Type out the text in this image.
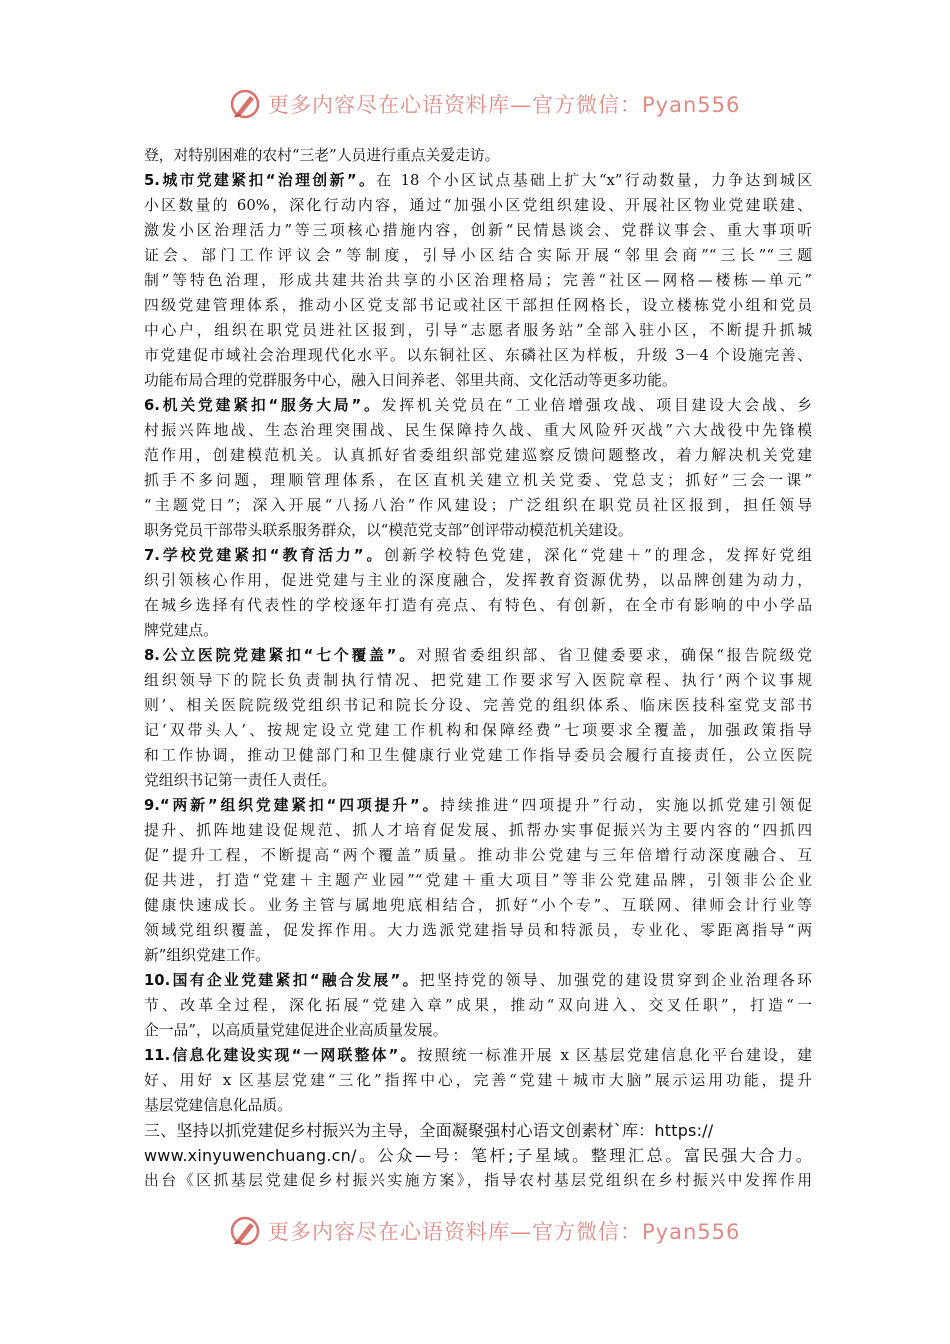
更多内容尽在心语资料库—官方微信：Pyan556
登，对特别困难的农村“三老”人员进行重点关爱走访。
5.城市党建紧扣“治理创新”。在 18 个小区试点基础上扩大“x”行动数量，力争达到城区
小区数量的 60%，深化行动内容，通过“加强小区党组织建设、开展社区物业党建联建、
激发小区治理活力”等三项核心措施内容，创新“民情恳谈会、党群议事会、重大事项听
证会、部门工作评议会”等制度，引导小区结合实际开展“邻里会商”“三长”“三题
制”等特色治理，形成共建共治共享的小区治理格局；完善“社区—网格—楼栋—单元”
四级党建管理体系，推动小区党支部书记或社区干部担任网格长，设立楼栋党小组和党员
中心户，组织在职党员进社区报到，引导“志愿者服务站”全部入驻小区，不断提升抓城
市党建促市域社会治理现代化水平。以东铜社区、东磷社区为样板，升级 3－4 个设施完善、
功能布局合理的党群服务中心，融入日间养老、邻里共商、文化活动等更多功能。
6.机关党建紧扣“服务大局”。发挥机关党员在“工业倍增强攻战、项目建设大会战、乡
村振兴阵地战、生态治理突围战、民生保障持久战、重大风险歼灭战”六大战役中先锋模
范作用，创建模范机关。认真抓好省委组织部党建巡察反馈问题整改，着力解决机关党建
抓手不多问题，理顺管理体系，在区直机关建立机关党委、党总支；抓好“三会一课”
“主题党日”；深入开展“八扬八治”作风建设；广泛组织在职党员社区报到，担任领导
职务党员干部带头联系服务群众，以“模范党支部”创评带动模范机关建设。
7.学校党建紧扣“教育活力”。创新学校特色党建，深化“党建＋”的理念，发挥好党组
织引领核心作用，促进党建与主业的深度融合，发挥教育资源优势，以品牌创建为动力，
在城乡选择有代表性的学校逐年打造有亮点、有特色、有创新，在全市有影响的中小学品
牌党建点。
8.公立医院党建紧扣“七个覆盖”。对照省委组织部、省卫健委要求，确保“报告院级党
组织领导下的院长负责制执行情况、把党建工作要求写入医院章程、执行‘两个议事规
则’、相关医院院级党组织书记和院长分设、完善党的组织体系、临床医技科室党支部书
记‘双带头人’、按规定设立党建工作机构和保障经费”七项要求全覆盖，加强政策指导
和工作协调，推动卫健部门和卫生健康行业党建工作指导委员会履行直接责任，公立医院
党组织书记第一责任人责任。
9.“两新”组织党建紧扣“四项提升”。持续推进“四项提升”行动，实施以抓党建引领促
提升、抓阵地建设促规范、抓人才培育促发展、抓帮办实事促振兴为主要内容的“四抓四
促”提升工程，不断提高“两个覆盖”质量。推动非公党建与三年倍增行动深度融合、互
促共进，打造“党建＋主题产业园”“党建＋重大项目”等非公党建品牌，引领非公企业
健康快速成长。业务主管与属地兜底相结合，抓好“小个专”、互联网、律师会计行业等
领域党组织覆盖，促发挥作用。大力选派党建指导员和特派员，专业化、零距离指导“两
新”组织党建工作。
10.国有企业党建紧扣“融合发展”。把坚持党的领导、加强党的建设贯穿到企业治理各环
节、改革全过程，深化拓展“党建入章”成果，推动“双向进入、交叉任职”，打造“一
企一品”，以高质量党建促进企业高质量发展。
11.信息化建设实现“一网联整体”。按照统一标准开展 x 区基层党建信息化平台建设，建
好、用好 x 区基层党建“三化”指挥中心，完善“党建＋城市大脑”展示运用功能，提升
基层党建信息化品质。
三、坚持以抓党建促乡村振兴为主导，全面凝聚强村心语文创素材`库：https://
www.xinyuwenchuang.cn/。公众—号：笔杆;子星域。整理汇总。富民强大合力。
出台《区抓基层党建促乡村振兴实施方案》，指导农村基层党组织在乡村振兴中发挥作用
更多内容尽在心语资料库—官方微信：Pyan556
